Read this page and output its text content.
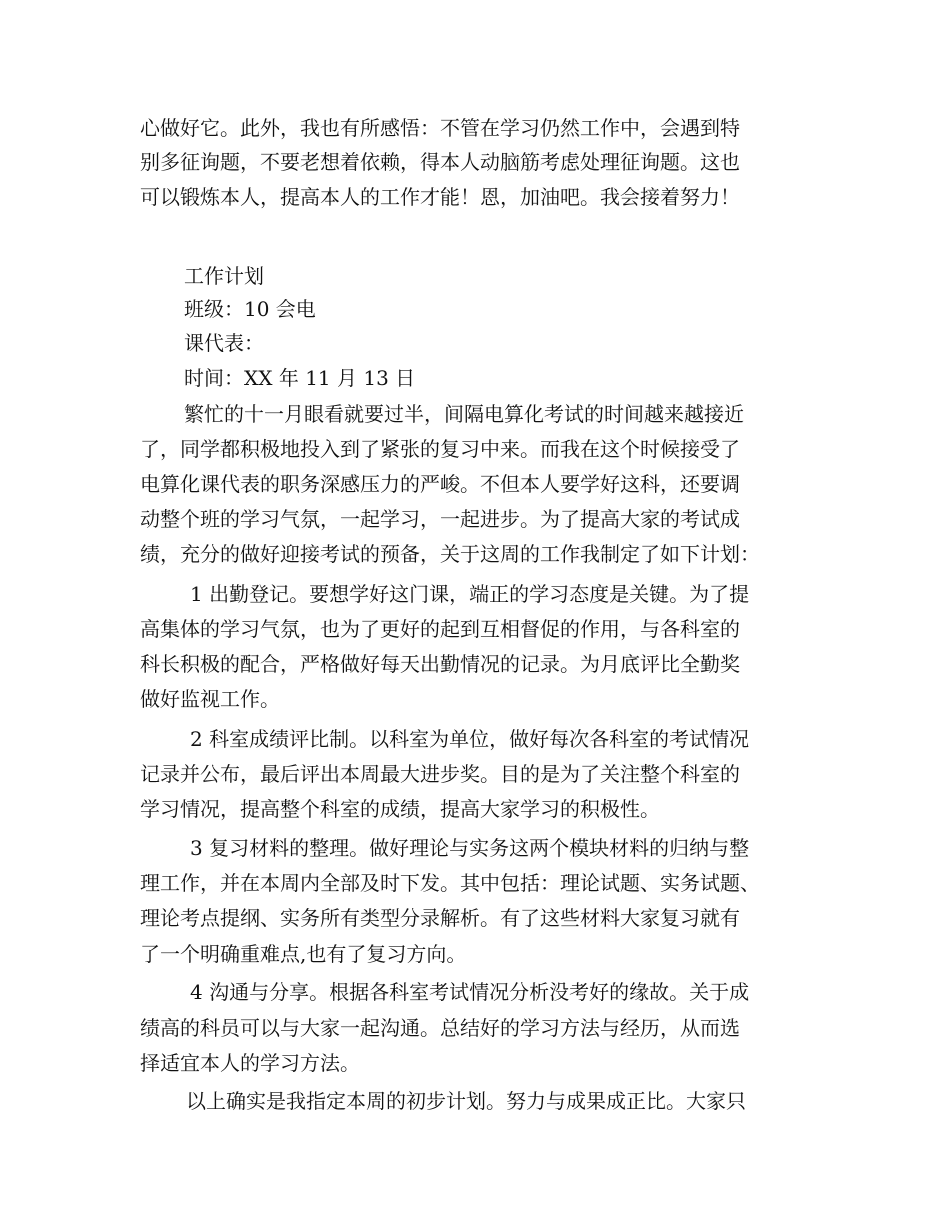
心做好它。此外，我也有所感悟：不管在学习仍然工作中，会遇到特
别多征询题，不要老想着依赖，得本人动脑筋考虑处理征询题。这也
可以锻炼本人，提高本人的工作才能！恩，加油吧。我会接着努力！
工作计划
班级：10 会电
课代表：
时间：XX 年 11 月 13 日
繁忙的十一月眼看就要过半，间隔电算化考试的时间越来越接近
了，同学都积极地投入到了紧张的复习中来。而我在这个时候接受了
电算化课代表的职务深感压力的严峻。不但本人要学好这科，还要调
动整个班的学习气氛，一起学习，一起进步。为了提高大家的考试成
绩，充分的做好迎接考试的预备，关于这周的工作我制定了如下计划：
1 出勤登记。要想学好这门课，端正的学习态度是关键。为了提
高集体的学习气氛，也为了更好的起到互相督促的作用，与各科室的
科长积极的配合，严格做好每天出勤情况的记录。为月底评比全勤奖
做好监视工作。
2 科室成绩评比制。以科室为单位，做好每次各科室的考试情况
记录并公布，最后评出本周最大进步奖。目的是为了关注整个科室的
学习情况，提高整个科室的成绩，提高大家学习的积极性。
3 复习材料的整理。做好理论与实务这两个模块材料的归纳与整
理工作，并在本周内全部及时下发。其中包括：理论试题、实务试题、
理论考点提纲、实务所有类型分录解析。有了这些材料大家复习就有
了一个明确重难点,也有了复习方向。
4 沟通与分享。根据各科室考试情况分析没考好的缘故。关于成
绩高的科员可以与大家一起沟通。总结好的学习方法与经历，从而选
择适宜本人的学习方法。
以上确实是我指定本周的初步计划。努力与成果成正比。大家只
